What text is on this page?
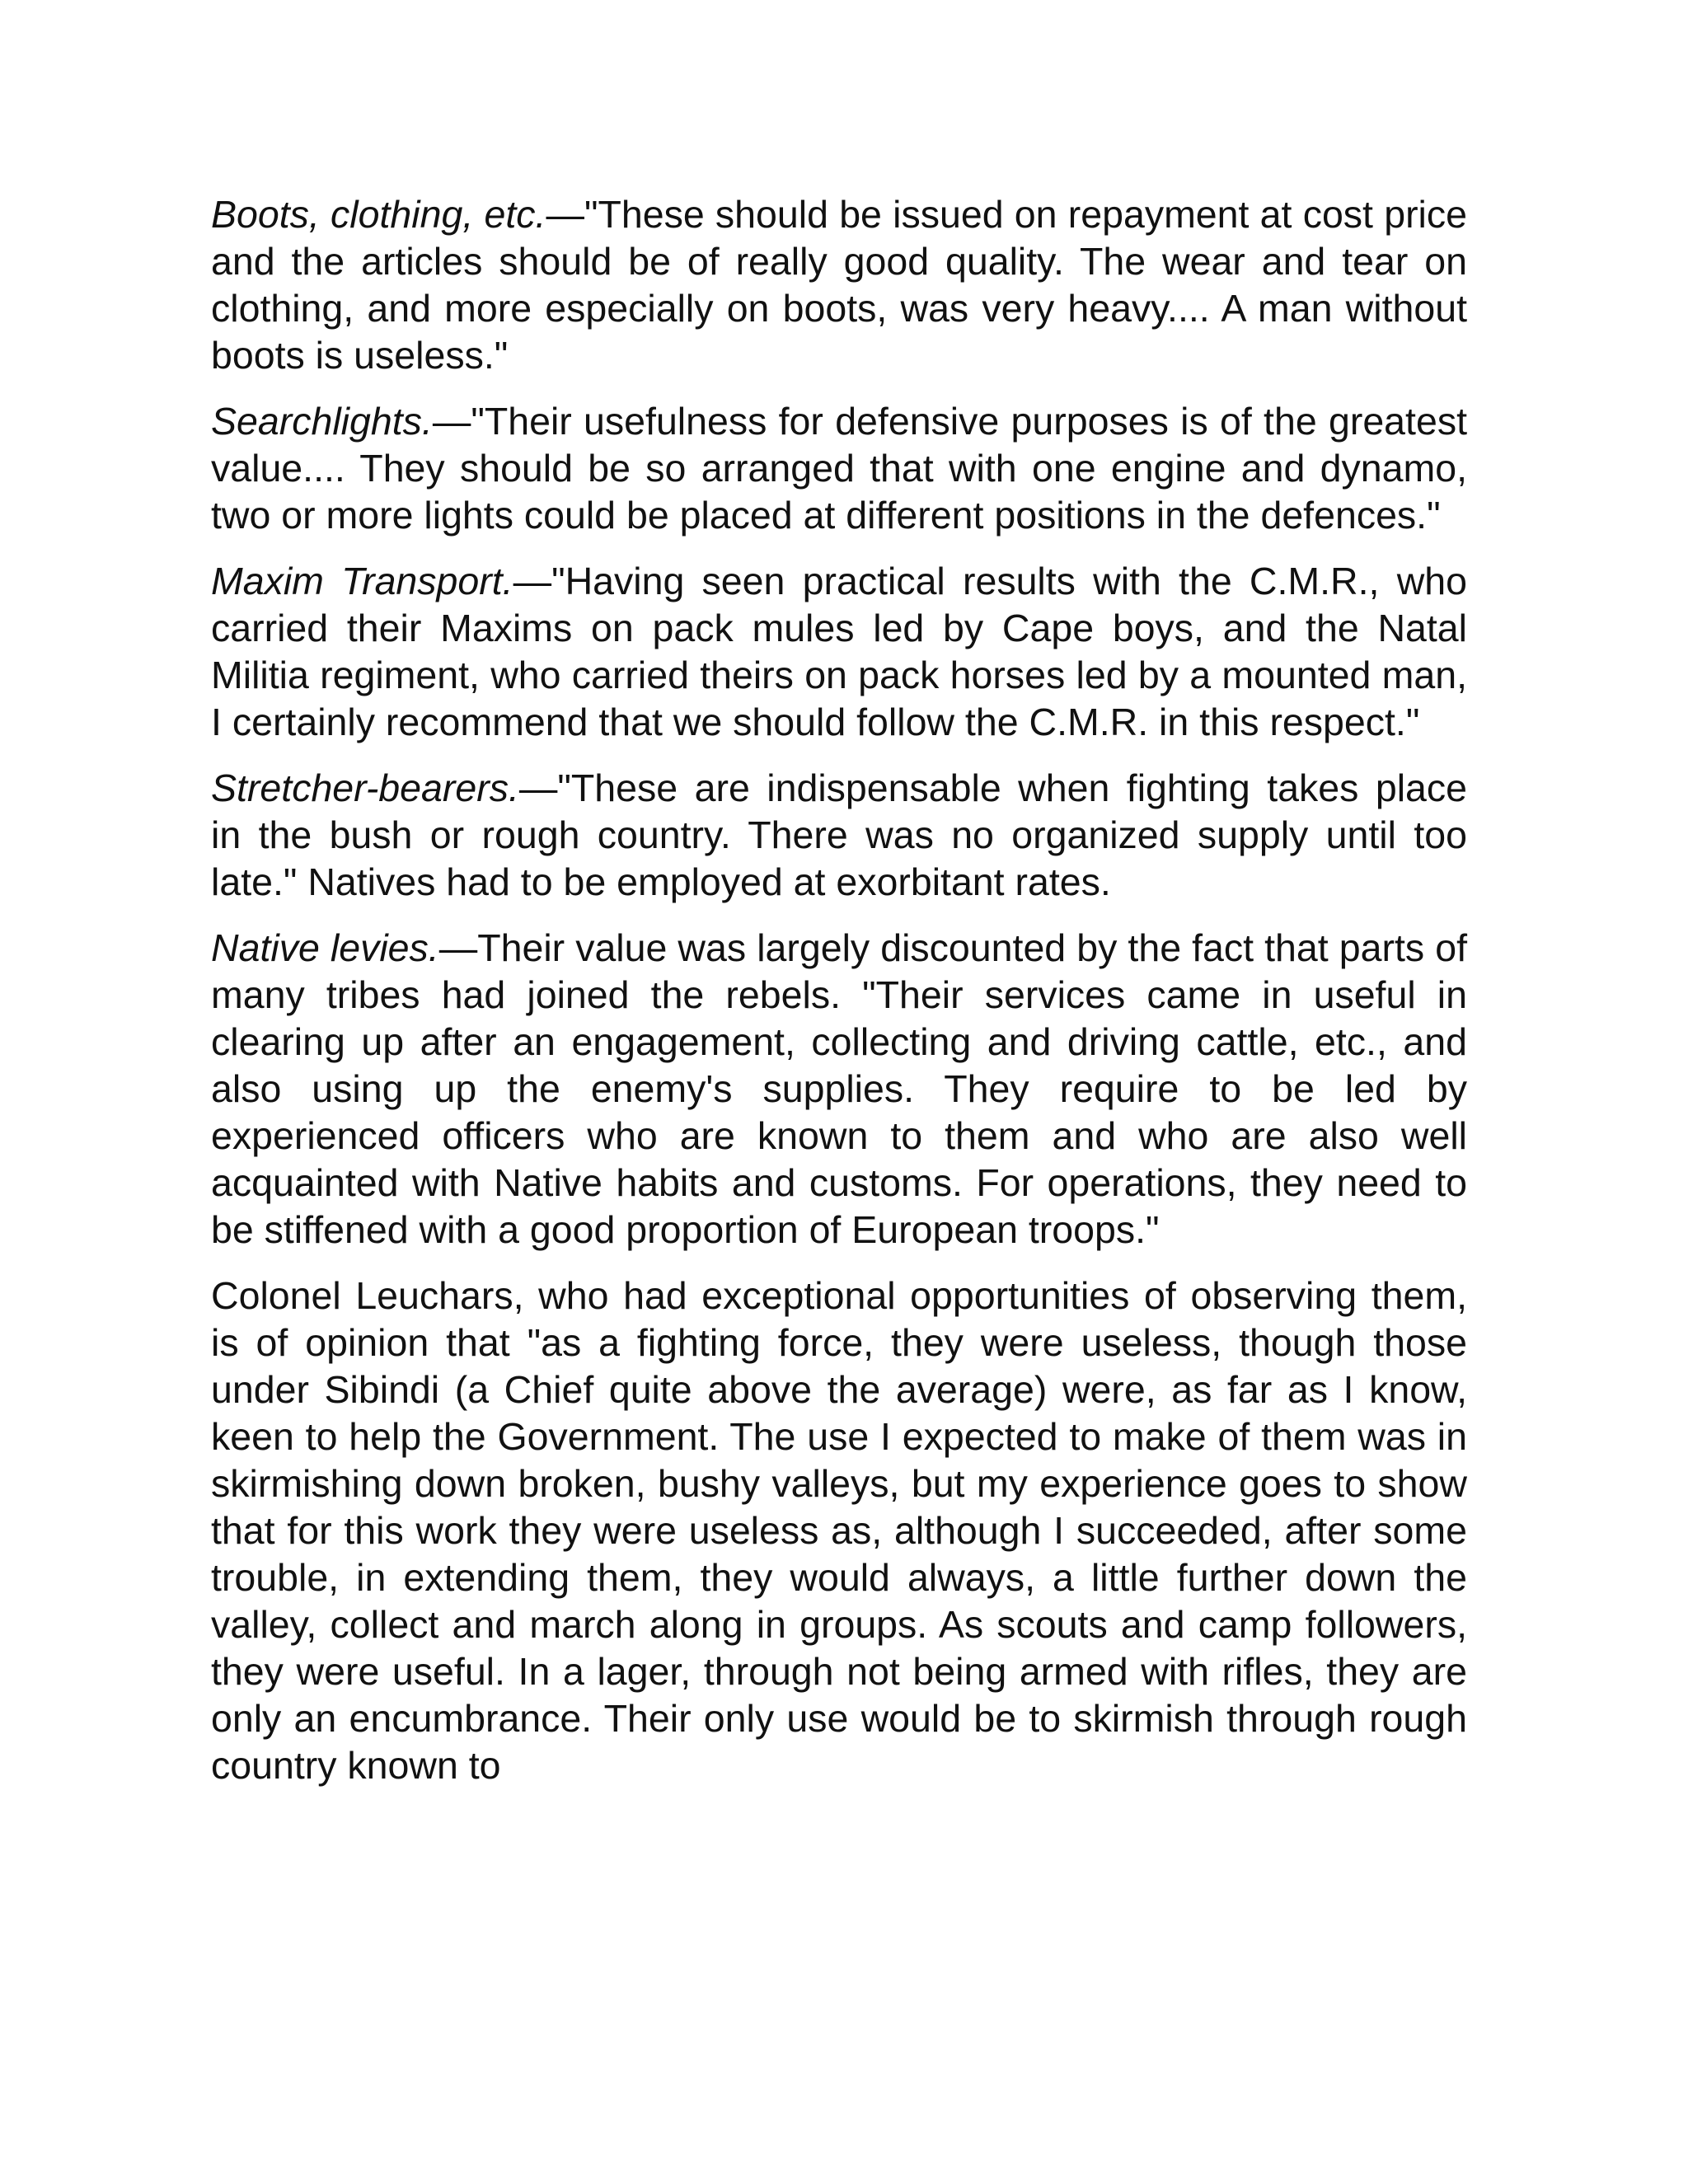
Boots, clothing, etc.—"These should be issued on repayment at cost price and the articles should be of really good quality. The wear and tear on clothing, and more especially on boots, was very heavy.... A man without boots is useless."

Searchlights.—"Their usefulness for defensive purposes is of the greatest value.... They should be so arranged that with one engine and dynamo, two or more lights could be placed at different positions in the defences."

Maxim Transport.—"Having seen practical results with the C.M.R., who carried their Maxims on pack mules led by Cape boys, and the Natal Militia regiment, who carried theirs on pack horses led by a mounted man, I certainly recommend that we should follow the C.M.R. in this respect."

Stretcher-bearers.—"These are indispensable when fighting takes place in the bush or rough country. There was no organized supply until too late." Natives had to be employed at exorbitant rates.

Native levies.—Their value was largely discounted by the fact that parts of many tribes had joined the rebels. "Their services came in useful in clearing up after an engagement, collecting and driving cattle, etc., and also using up the enemy's supplies. They require to be led by experienced officers who are known to them and who are also well acquainted with Native habits and customs. For operations, they need to be stiffened with a good proportion of European troops."

Colonel Leuchars, who had exceptional opportunities of observing them, is of opinion that "as a fighting force, they were useless, though those under Sibindi (a Chief quite above the average) were, as far as I know, keen to help the Government. The use I expected to make of them was in skirmishing down broken, bushy valleys, but my experience goes to show that for this work they were useless as, although I succeeded, after some trouble, in extending them, they would always, a little further down the valley, collect and march along in groups. As scouts and camp followers, they were useful. In a lager, through not being armed with rifles, they are only an encumbrance. Their only use would be to skirmish through rough country known to
